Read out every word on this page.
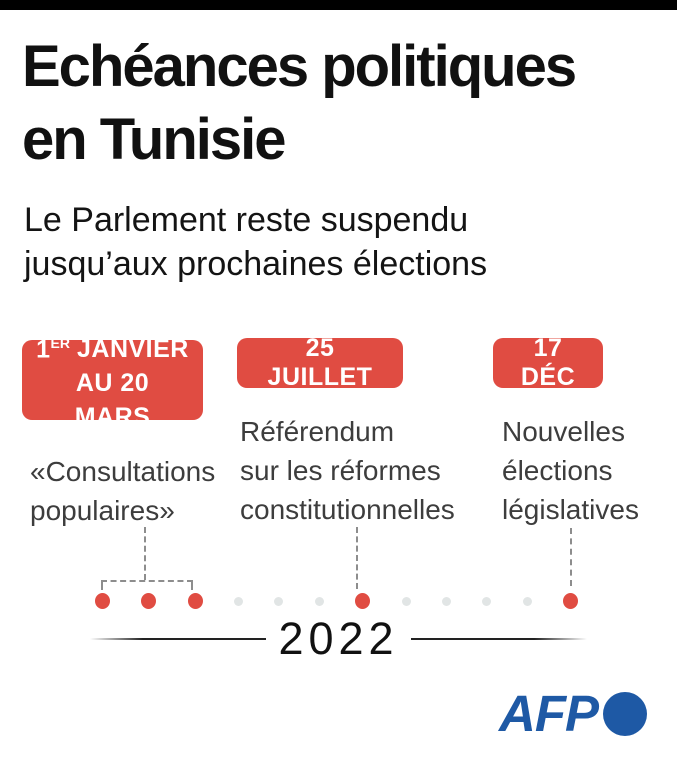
Echéances politiques
en Tunisie
Le Parlement reste suspendu
jusqu’aux prochaines élections
1ER JANVIER
AU 20 MARS
«Consultations
populaires»
25 JUILLET
Référendum
sur les réformes
constitutionnelles
17 DÉC
Nouvelles
élections
législatives
2022
AFP
